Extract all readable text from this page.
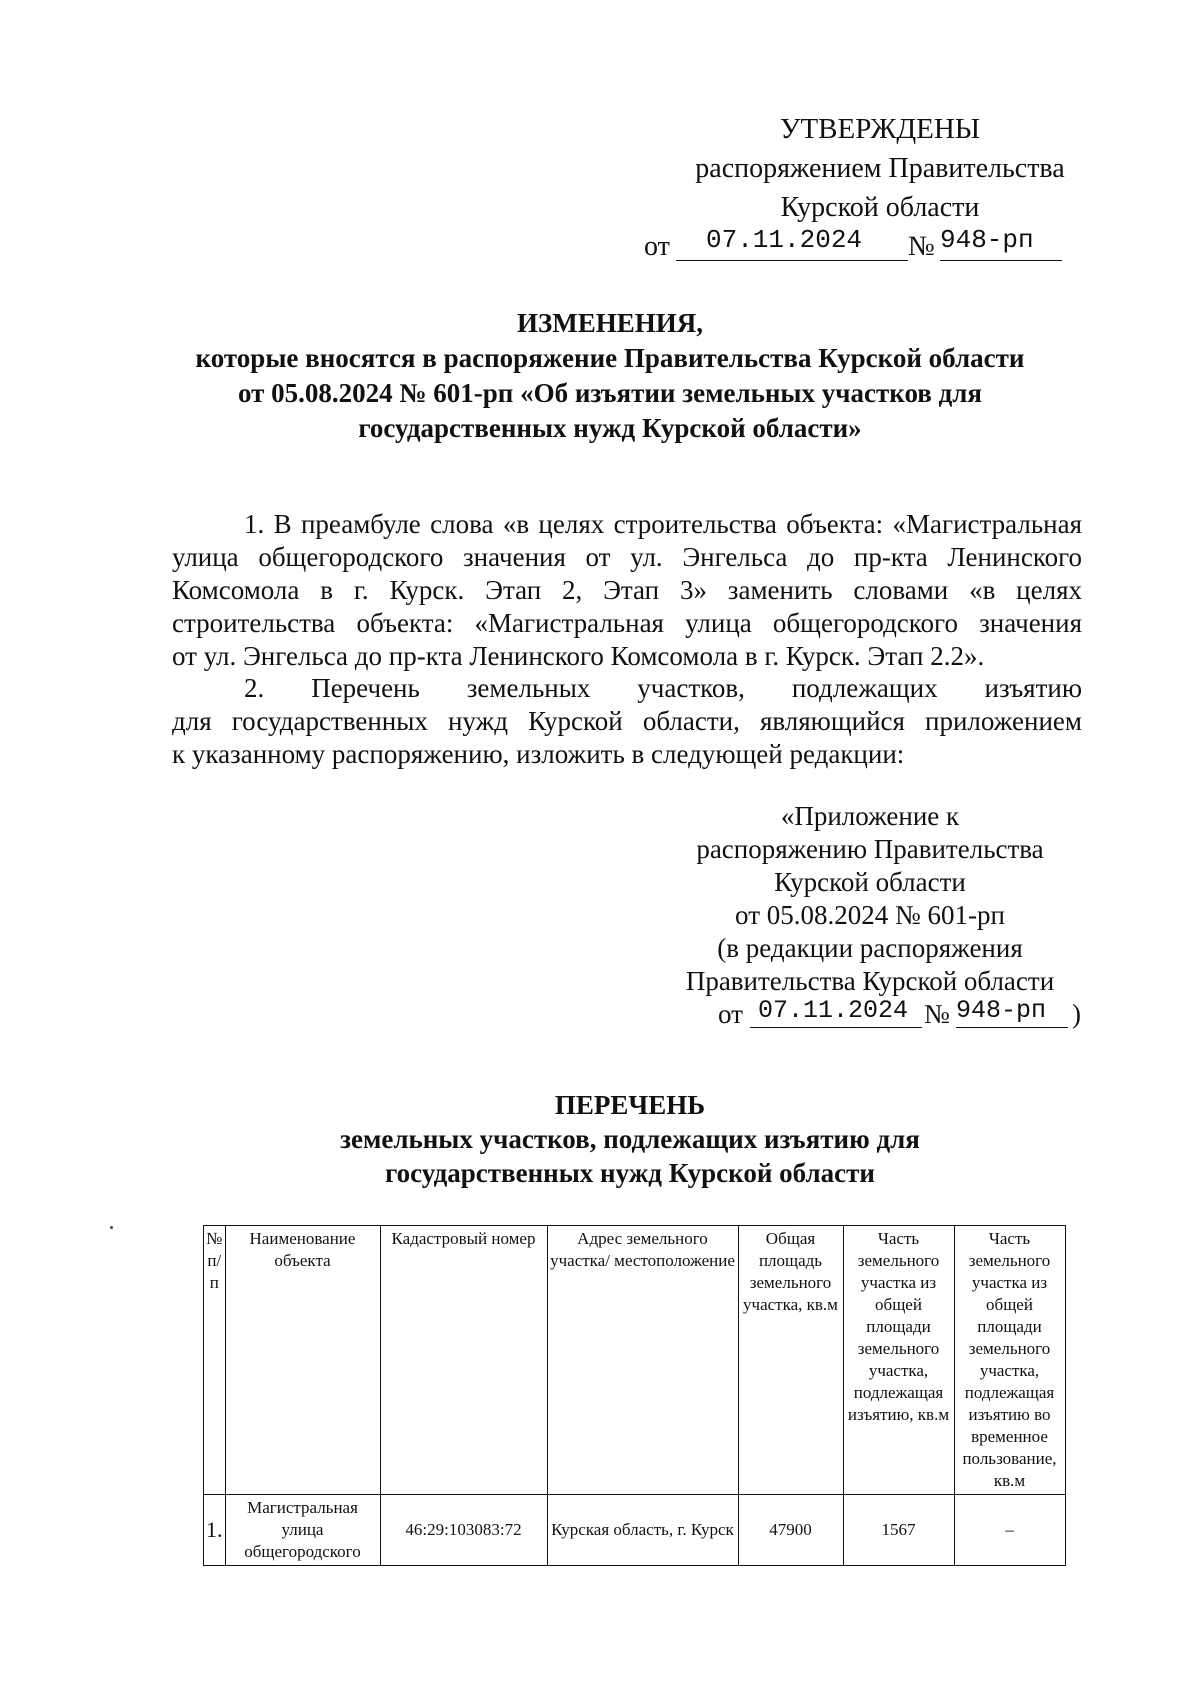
УТВЕРЖДЕНЫ
распоряжением Правительства
Курской области
от	07.11.2024	№ 948-рп
ИЗМЕНЕНИЯ,
которые вносятся в распоряжение Правительства Курской области
от 05.08.2024 № 601-рп «Об изъятии земельных участков для
государственных нужд Курской области»
1. В преамбуле слова «в целях строительства объекта: «Магистральная
улица общегородского значения от ул. Энгельса до пр-кта Ленинского
Комсомола в г. Курск. Этап 2, Этап 3» заменить словами «в целях
строительства объекта: «Магистральная улица общегородского значения
от ул. Энгельса до пр-кта Ленинского Комсомола в г. Курск. Этап 2.2».
2. Перечень земельных участков, подлежащих изъятию
для государственных нужд Курской области, являющийся приложением
к указанному распоряжению, изложить в следующей редакции:
«Приложение к
распоряжению Правительства
Курской области
от 05.08.2024 № 601-рп
(в редакции распоряжения
Правительства Курской области
от 07.11.2024 № 948-рп )
ПЕРЕЧЕНЬ
земельных участков, подлежащих изъятию для
государственных нужд Курской области
№ п/п	Наименование объекта	Кадастровый номер	Адрес земельного участка/ местоположение	Общая площадь земельного участка, кв.м	Часть земельного участка из общей площади земельного участка, подлежащая изъятию, кв.м	Часть земельного участка из общей площади земельного участка, подлежащая изъятию во временное пользование, кв.м
1.	Магистральная улица общегородского	46:29:103083:72	Курская область, г. Курск	47900	1567	–
